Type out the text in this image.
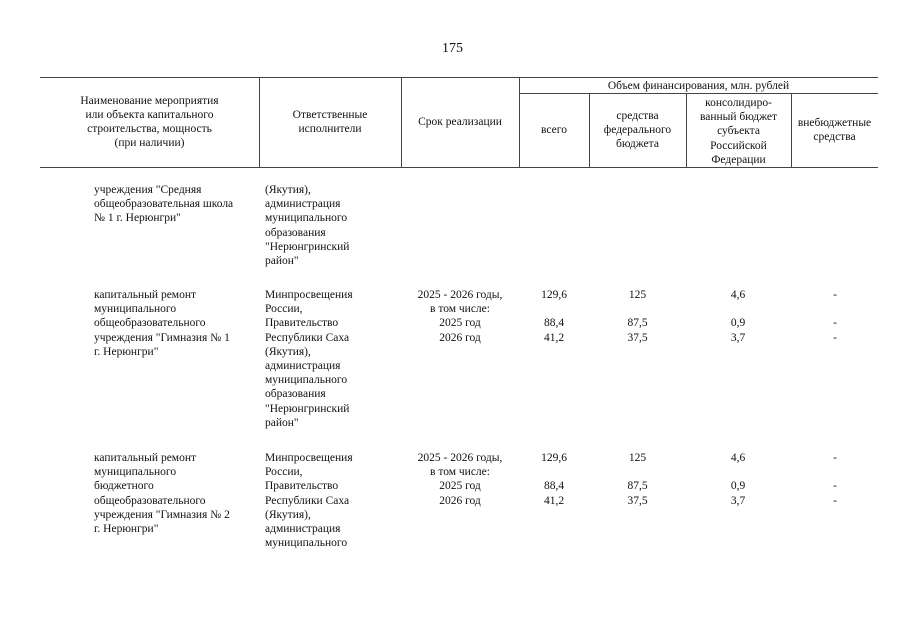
175
Наименование мероприятия
или объекта капитального
строительства, мощность
(при наличии)
Ответственные
исполнители
Срок реализации
Объем финансирования, млн. рублей
всего
средства
федерального
бюджета
консолидиро-
ванный бюджет
субъекта
Российской
Федерации
внебюджетные
средства
учреждения "Средняя
общеобразовательная школа
№ 1 г. Нерюнгри"
(Якутия),
администрация
муниципального
образования
"Нерюнгринский
район"
капитальный ремонт
муниципального
общеобразовательного
учреждения "Гимназия № 1
г. Нерюнгри"
Минпросвещения
России,
Правительство
Республики Саха
(Якутия),
администрация
муниципального
образования
"Нерюнгринский
район"
2025 - 2026 годы,
в том числе:
2025 год
2026 год
129,6

88,4
41,2
125

87,5
37,5
4,6

0,9
3,7
-

-
-
капитальный ремонт
муниципального
бюджетного
общеобразовательного
учреждения "Гимназия № 2
г. Нерюнгри"
Минпросвещения
России,
Правительство
Республики Саха
(Якутия),
администрация
муниципального
2025 - 2026 годы,
в том числе:
2025 год
2026 год
129,6

88,4
41,2
125

87,5
37,5
4,6

0,9
3,7
-

-
-
